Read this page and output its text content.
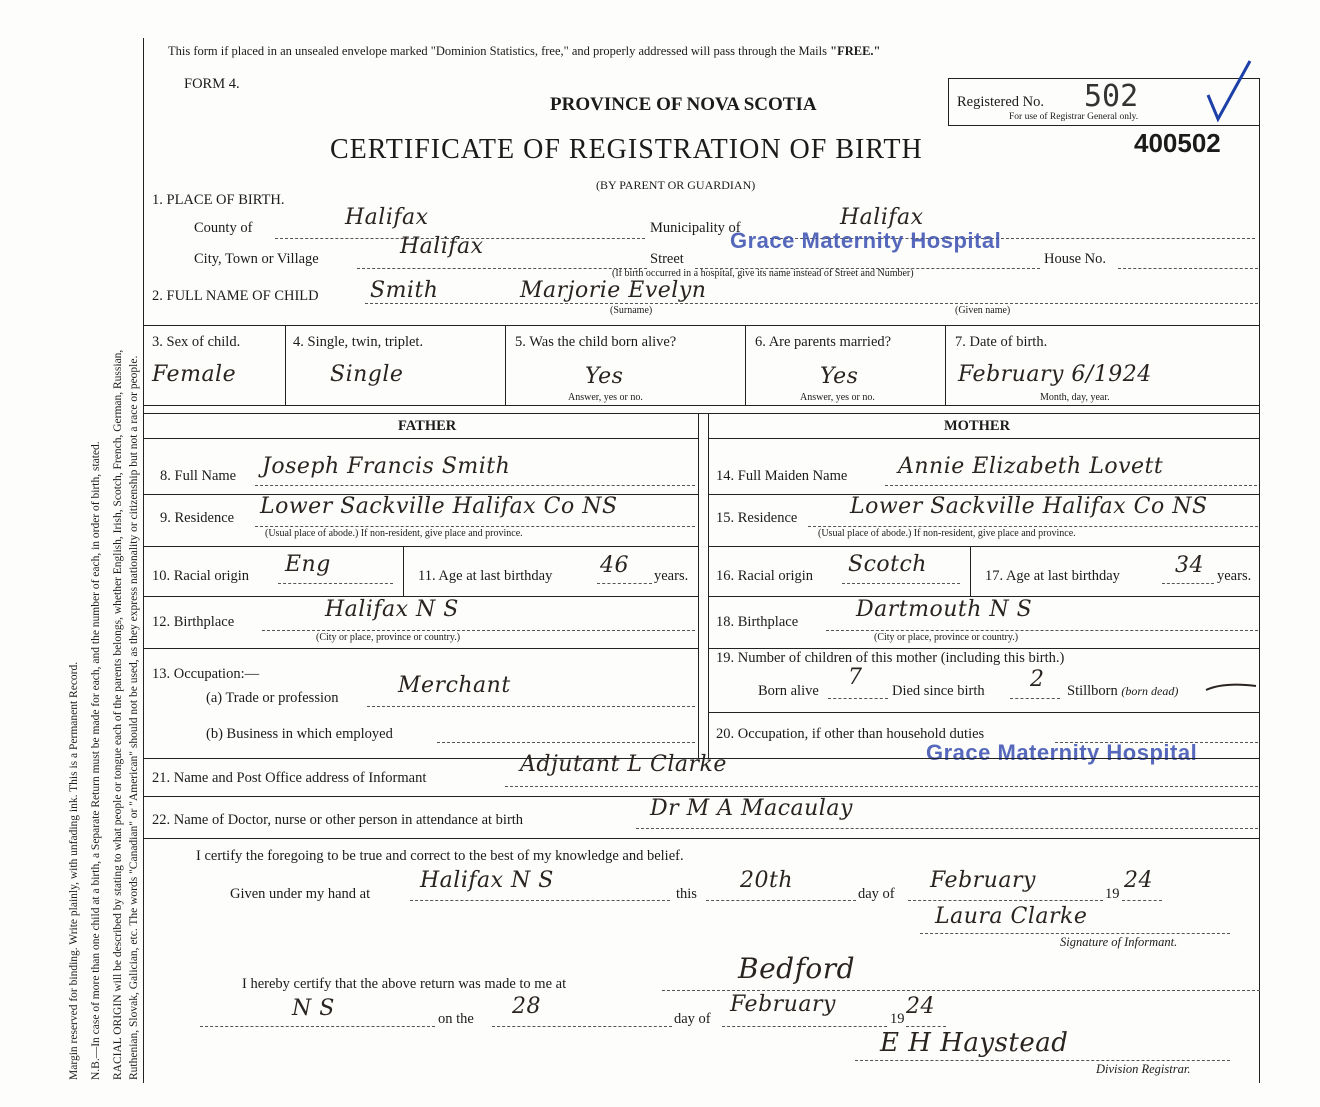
Margin reserved for binding. Write plainly, with unfading ink. This is a Permanent Record. N.B.—In case of more than one child at a birth, a Separate Return must be made for each, and the number of each, in order of birth, stated. RACIAL ORIGIN will be described by stating to what people or tongue each of the parents belongs, whether English, Irish, Scotch, French, German, Russian, Ruthenian, Slovak, Galician, etc. The words "Canadian" or "American" should not be used, as they express nationality or citizenship but not a race or people.
This form if placed in an unsealed envelope marked "Dominion Statistics, free," and properly addressed will pass through the Mails "FREE."
FORM 4.
PROVINCE OF NOVA SCOTIA
CERTIFICATE OF REGISTRATION OF BIRTH
(BY PARENT OR GUARDIAN)
Registered No. 502
For use of Registrar General only.
400502
1. PLACE OF BIRTH.
County of	Halifax	Municipality of	Halifax
City, Town or Village	Halifax	Street
Grace Maternity Hospital
House No.
(If birth occurred in a hospital, give its name instead of Street and Number)
2. FULL NAME OF CHILD Smith	Marjorie Evelyn
(Surname)	(Given name)
3. Sex of child.
Female
4. Single, twin, triplet.
Single
5. Was the child born alive?
Yes
Answer, yes or no.
6. Are parents married?
Yes
Answer, yes or no.
7. Date of birth.
February 6/1924
Month, day, year.
FATHER	MOTHER
8. Full Name Joseph Francis Smith
9. Residence Lower Sackville Halifax Co NS
(Usual place of abode.) If non-resident, give place and province.
10. Racial origin Eng	11. Age at last birthday 46 years.
12. Birthplace	Halifax N S
(City or place, province or country.)
13. Occupation:—
(a) Trade or profession	Merchant
(b) Business in which employed
14. Full Maiden Name Annie Elizabeth Lovett
15. Residence Lower Sackville Halifax Co NS
(Usual place of abode.) If non-resident, give place and province.
16. Racial origin Scotch	17. Age at last birthday	34 years.
18. Birthplace	Dartmouth N S
(City or place, province or country.)
19. Number of children of this mother (including this birth.)
Born alive
7
Died since birth 2 Stillborn (born dead)
20. Occupation, if other than household duties
Grace Maternity Hospital
21. Name and Post Office address of Informant
Adjutant L Clarke
22. Name of Doctor, nurse or other person in attendance at birth	Dr M A Macaulay
I certify the foregoing to be true and correct to the best of my knowledge and belief.
Given under my hand at
Halifax N S
this
20th
day of
February
19
24
Laura Clarke
Signature of Informant.
I hereby certify that the above return was made to me at	Bedford
N S	on the 28	day of
February
19 24
E H Haystead
Division Registrar.
